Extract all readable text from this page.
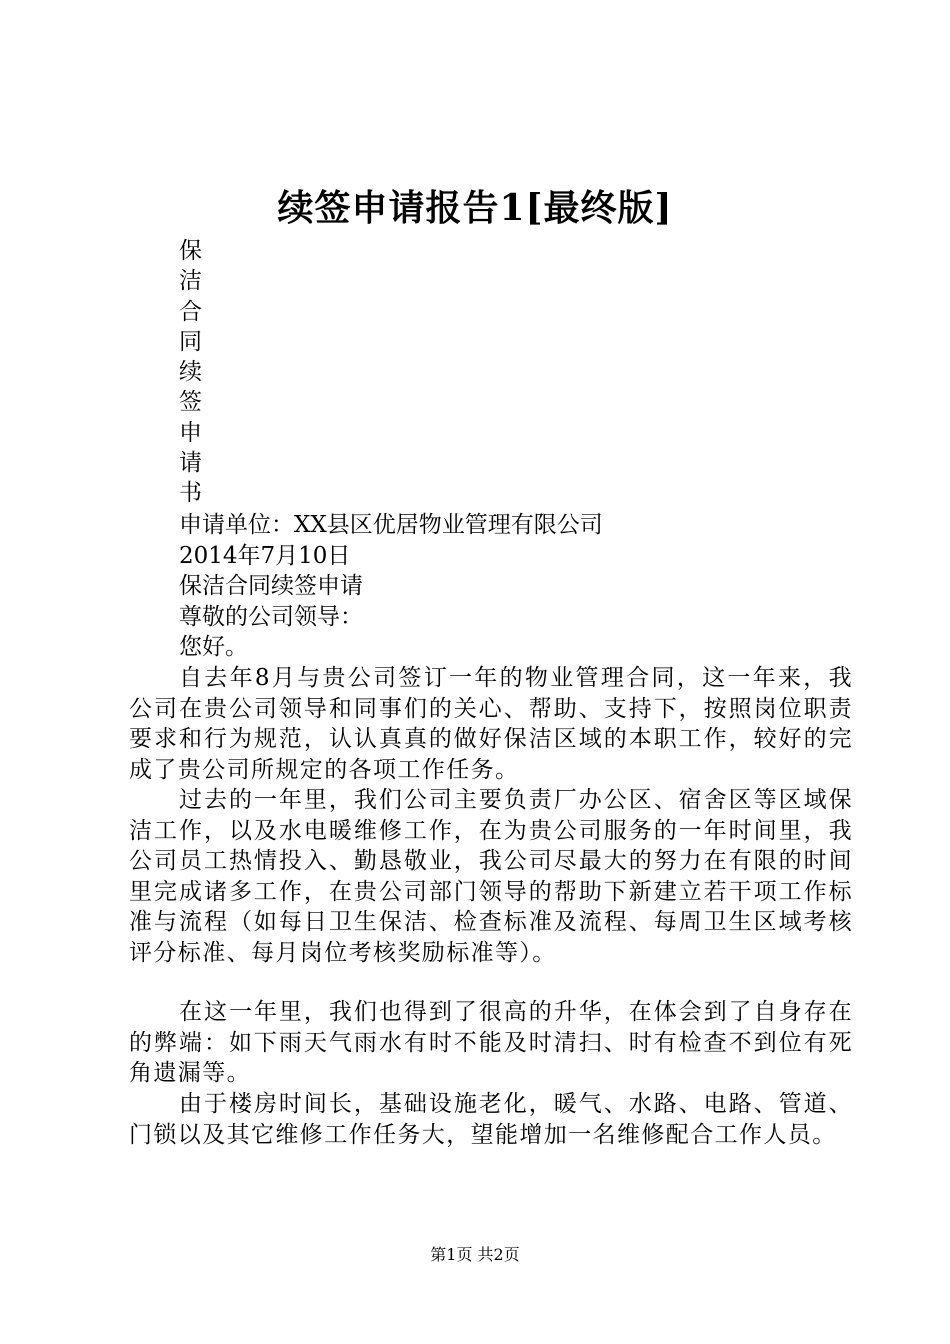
续签申请报告1[最终版]
保
洁
合
同
续
签
申
请
书

申请单位：XX县区优居物业管理有限公司

2014年7月10日

保洁合同续签申请

尊敬的公司领导：

您好。

自去年8月与贵公司签订一年的物业管理合同，这一年来，我公司在贵公司领导和同事们的关心、帮助、支持下，按照岗位职责要求和行为规范，认认真真的做好保洁区域的本职工作，较好的完成了贵公司所规定的各项工作任务。

过去的一年里，我们公司主要负责厂办公区、宿舍区等区域保洁工作，以及水电暖维修工作，在为贵公司服务的一年时间里，我公司员工热情投入、勤恳敬业，我公司尽最大的努力在有限的时间里完成诸多工作，在贵公司部门领导的帮助下新建立若干项工作标准与流程（如每日卫生保洁、检查标准及流程、每周卫生区域考核评分标准、每月岗位考核奖励标准等）。

在这一年里，我们也得到了很高的升华，在体会到了自身存在的弊端：如下雨天气雨水有时不能及时清扫、时有检查不到位有死角遗漏等。

由于楼房时间长，基础设施老化，暖气、水路、电路、管道、门锁以及其它维修工作任务大，望能增加一名维修配合工作人员。

第1页 共2页
